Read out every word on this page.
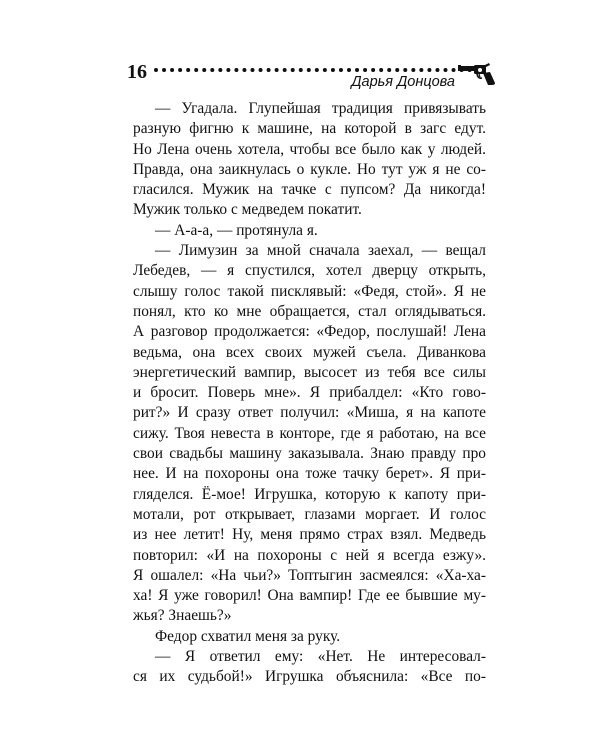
16	Дарья Донцова
— Угадала. Глупейшая традиция привязывать
разную фигню к машине, на которой в загс едут.
Но Лена очень хотела, чтобы все было как у людей.
Правда, она заикнулась о кукле. Но тут уж я не со-
гласился. Мужик на тачке с пупсом? Да никогда!
Мужик только с медведем покатит.
— А-а-а, — протянула я.
— Лимузин за мной сначала заехал, — вещал
Лебедев, — я спустился, хотел дверцу открыть,
слышу голос такой писклявый: «Федя, стой». Я не
понял, кто ко мне обращается, стал оглядываться.
А разговор продолжается: «Федор, послушай! Лена
ведьма, она всех своих мужей съела. Диванкова
энергетический вампир, высосет из тебя все силы
и бросит. Поверь мне». Я прибалдел: «Кто гово-
рит?» И сразу ответ получил: «Миша, я на капоте
сижу. Твоя невеста в конторе, где я работаю, на все
свои свадьбы машину заказывала. Знаю правду про
нее. И на похороны она тоже тачку берет». Я при-
гляделся. Ё-мое! Игрушка, которую к капоту при-
мотали, рот открывает, глазами моргает. И голос
из нее летит! Ну, меня прямо страх взял. Медведь
повторил: «И на похороны с ней я всегда езжу».
Я ошалел: «На чьи?» Топтыгин засмеялся: «Ха-ха-
ха! Я уже говорил! Она вампир! Где ее бывшие му-
жья? Знаешь?»
Федор схватил меня за руку.
— Я ответил ему: «Нет. Не интересовал-
ся их судьбой!» Игрушка объяснила: «Все по-
